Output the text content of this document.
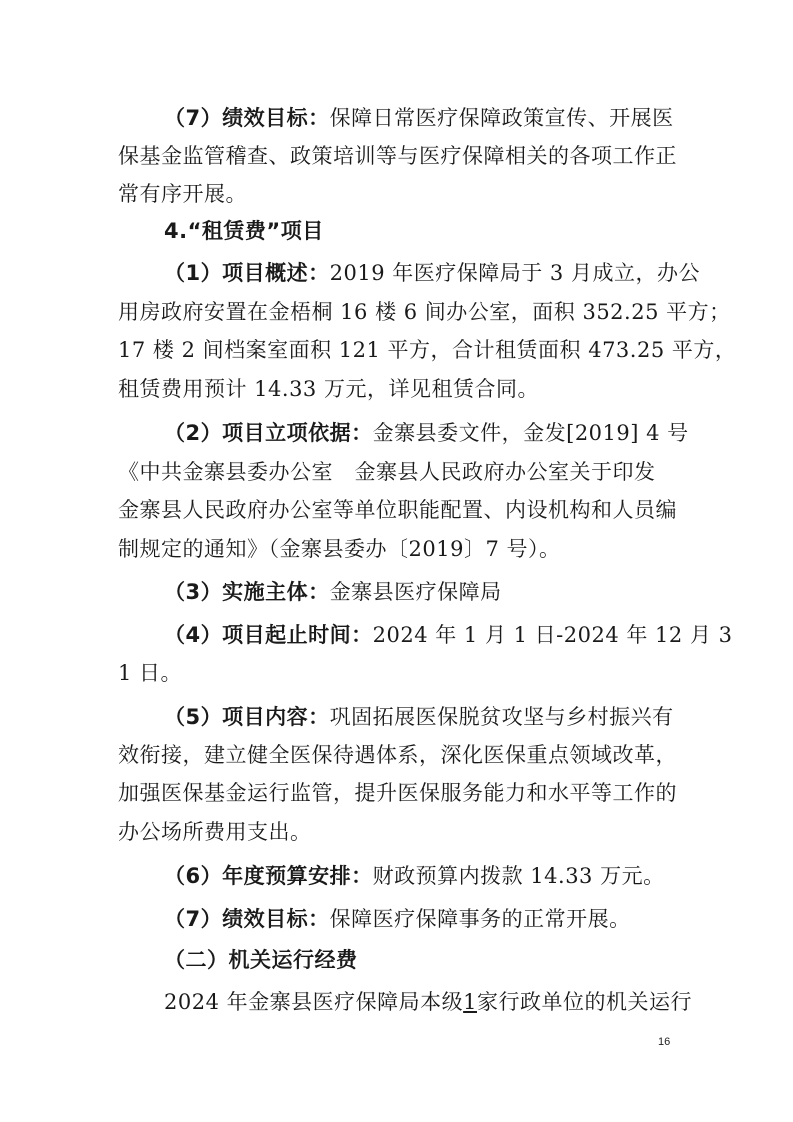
（7）绩效目标：保障日常医疗保障政策宣传、开展医
保基金监管稽查、政策培训等与医疗保障相关的各项工作正
常有序开展。
4.“租赁费”项目
（1）项目概述：2019 年医疗保障局于 3 月成立，办公
用房政府安置在金梧桐 16 楼 6 间办公室，面积 352.25 平方；
17 楼 2 间档案室面积 121 平方，合计租赁面积 473.25 平方，
租赁费用预计 14.33 万元，详见租赁合同。
（2）项目立项依据：金寨县委文件，金发[2019] 4 号
《中共金寨县委办公室　金寨县人民政府办公室关于印发
金寨县人民政府办公室等单位职能配置、内设机构和人员编
制规定的通知》（金寨县委办〔2019〕7 号）。
（3）实施主体：金寨县医疗保障局
（4）项目起止时间：2024 年 1 月 1 日-2024 年 12 月 3
1 日。
（5）项目内容：巩固拓展医保脱贫攻坚与乡村振兴有
效衔接，建立健全医保待遇体系，深化医保重点领域改革，
加强医保基金运行监管，提升医保服务能力和水平等工作的
办公场所费用支出。
（6）年度预算安排：财政预算内拨款 14.33 万元。
（7）绩效目标：保障医疗保障事务的正常开展。
（二）机关运行经费
2024 年金寨县医疗保障局本级1家行政单位的机关运行
16
